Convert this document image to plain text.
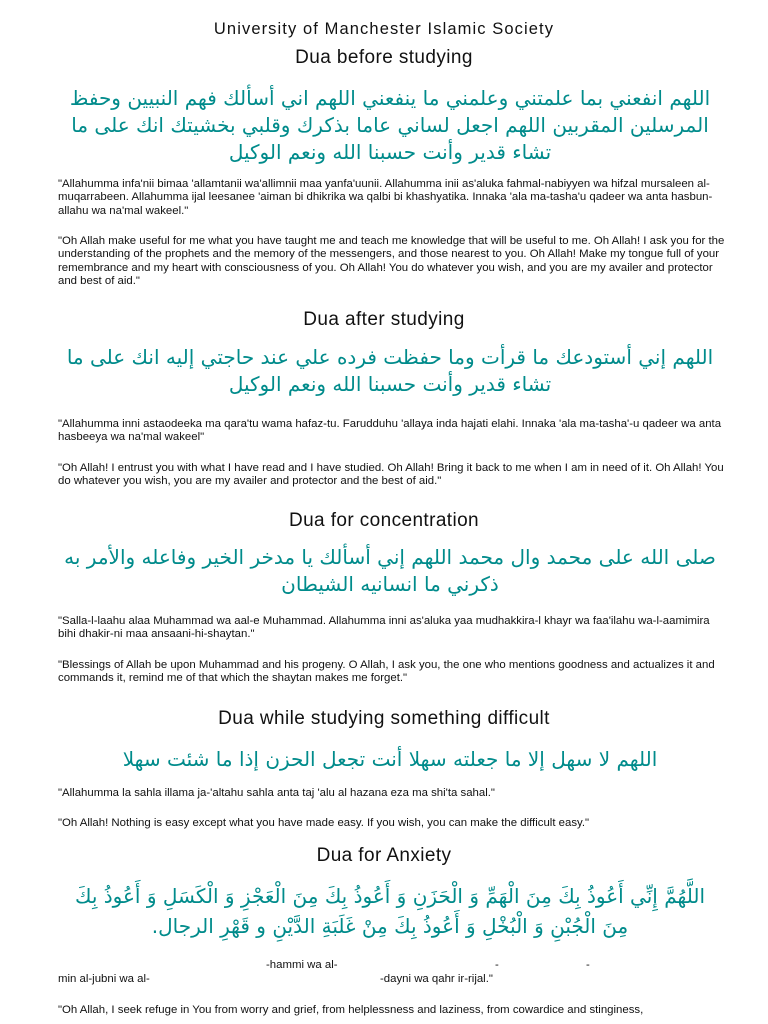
University of Manchester Islamic Society
Dua before studying
اللهم انفعني بما علمتني وعلمني ما ينفعني اللهم اني أسألك فهم النبيين وحفظ المرسلين المقربين اللهم اجعل لساني عاما بذكرك وقلبي بخشيتك انك على ما تشاء قدير وأنت حسبنا الله ونعم الوكيل

"Allahumma infa'nii bimaa 'allamtanii wa'allimnii maa yanfa'uunii. Allahumma inii as'aluka fahmal-nabiyyen wa hifzal mursaleen al-muqarrabeen. Allahumma ijal leesanee 'aiman bi dhikrika wa qalbi bi khashyatika. Innaka 'ala ma-tasha'u qadeer wa anta hasbun-allahu wa na'mal wakeel."

"Oh Allah make useful for me what you have taught me and teach me knowledge that will be useful to me. Oh Allah! I ask you for the understanding of the prophets and the memory of the messengers, and those nearest to you. Oh Allah! Make my tongue full of your remembrance and my heart with consciousness of you. Oh Allah! You do whatever you wish, and you are my availer and protector and best of aid."

Dua after studying
اللهم إني أستودعك ما قرأت وما حفظت فرده علي عند حاجتي إليه انك على ما تشاء قدير وأنت حسبنا الله ونعم الوكيل

"Allahumma inni astaodeeka ma qara'tu wama hafaz-tu. Farudduhu 'allaya inda hajati elahi. Innaka 'ala ma-tasha'-u qadeer wa anta hasbeeya wa na'mal wakeel"

"Oh Allah! I entrust you with what I have read and I have studied. Oh Allah! Bring it back to me when I am in need of it. Oh Allah! You do whatever you wish, you are my availer and protector and the best of aid."

Dua for concentration
صلى الله على محمد وال محمد اللهم إني أسألك يا مدخر الخير وفاعله والأمر به ذكرني ما انسانيه الشيطان

"Salla-l-laahu alaa Muhammad wa aal-e Muhammad. Allahumma inni as'aluka yaa mudhakkira-l khayr wa faa'ilahu wa-l-aamimira bihi dhakir-ni maa ansaani-hi-shaytan."

"Blessings of Allah be upon Muhammad and his progeny. O Allah, I ask you, the one who mentions goodness and actualizes it and commands it, remind me of that which the shaytan makes me forget."

Dua while studying something difficult
اللهم لا سهل إلا ما جعلته سهلا أنت تجعل الحزن إذا ما شئت سهلا

"Allahumma la sahla illama ja-'altahu sahla anta taj 'alu al hazana eza ma shi'ta sahal."

"Oh Allah! Nothing is easy except what you have made easy. If you wish, you can make the difficult easy."

Dua for Anxiety
اللَّهُمَّ إِنِّي أَعُوذُ بِكَ مِنَ الْهَمِّ وَ الْحَزَنِ وَ أَعُوذُ بِكَ مِنَ الْعَجْزِ وَ الْكَسَلِ وَ أَعُوذُ بِكَ مِنَ الْجُبْنِ وَ الْبُخْلِ وَ أَعُوذُ بِكَ مِنْ غَلَبَةِ الدَّيْنِ و قَهْرِ الرجال.
-hammi wa al-	-	-
min al-jubni wa al-	-dayni wa qahr ir-rijal."

"Oh Allah, I seek refuge in You from worry and grief, from helplessness and laziness, from cowardice and stinginess,
